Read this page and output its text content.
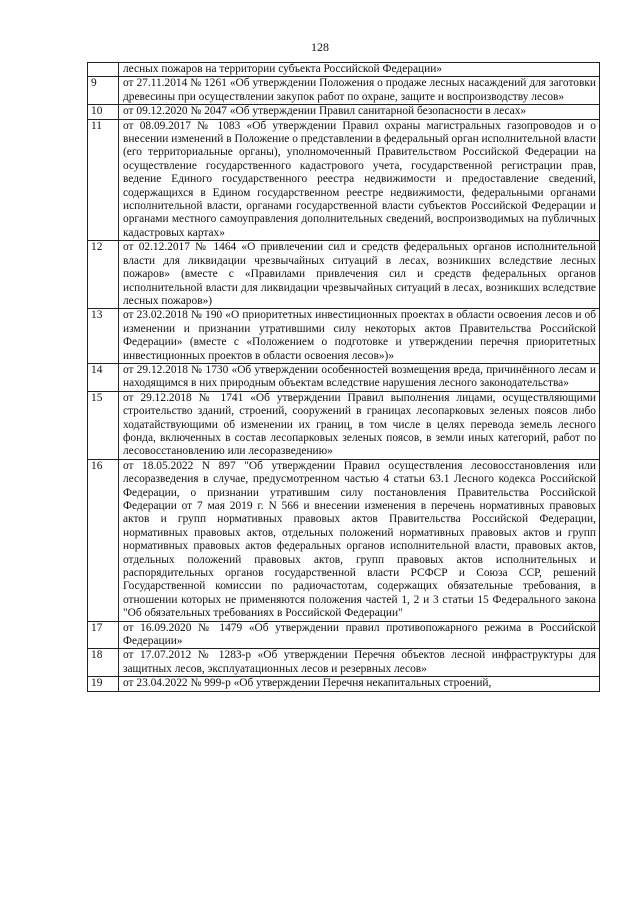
128
	лесных пожаров на территории субъекта Российской Федерации»
9	от 27.11.2014 № 1261 «Об утверждении Положения о продаже лесных насаждений для заготовки древесины при осуществлении закупок работ по охране, защите и воспроизводству лесов»
10	от 09.12.2020 № 2047 «Об утверждении Правил санитарной безопасности в лесах»
11	от 08.09.2017 № 1083 «Об утверждении Правил охраны магистральных газопроводов и о внесении изменений в Положение о представлении в федеральный орган исполнительной власти (его территориальные органы), уполномоченный Правительством Российской Федерации на осуществление государственного кадастрового учета, государственной регистрации прав, ведение Единого государственного реестра недвижимости и предоставление сведений, содержащихся в Едином государственном реестре недвижимости, федеральными органами исполнительной власти, органами государственной власти субъектов Российской Федерации и органами местного самоуправления дополнительных сведений, воспроизводимых на публичных кадастровых картах»
12	от 02.12.2017 № 1464 «О привлечении сил и средств федеральных органов исполнительной власти для ликвидации чрезвычайных ситуаций в лесах, возникших вследствие лесных пожаров» (вместе с «Правилами привлечения сил и средств федеральных органов исполнительной власти для ликвидации чрезвычайных ситуаций в лесах, возникших вследствие лесных пожаров»)
13	от 23.02.2018 № 190 «О приоритетных инвестиционных проектах в области освоения лесов и об изменении и признании утратившими силу некоторых актов Правительства Российской Федерации» (вместе с «Положением о подготовке и утверждении перечня приоритетных инвестиционных проектов в области освоения лесов»)»
14	от 29.12.2018 № 1730 «Об утверждении особенностей возмещения вреда, причинённого лесам и находящимся в них природным объектам вследствие нарушения лесного законодательства»
15	от 29.12.2018 № 1741 «Об утверждении Правил выполнения лицами, осуществляющими строительство зданий, строений, сооружений в границах лесопарковых зеленых поясов либо ходатайствующими об изменении их границ, в том числе в целях перевода земель лесного фонда, включенных в состав лесопарковых зеленых поясов, в земли иных категорий, работ по лесовосстановлению или лесоразведению»
16	от 18.05.2022 N 897 "Об утверждении Правил осуществления лесовосстановления или лесоразведения в случае, предусмотренном частью 4 статьи 63.1 Лесного кодекса Российской Федерации, о признании утратившим силу постановления Правительства Российской Федерации от 7 мая 2019 г. N 566 и внесении изменения в перечень нормативных правовых актов и групп нормативных правовых актов Правительства Российской Федерации, нормативных правовых актов, отдельных положений нормативных правовых актов и групп нормативных правовых актов федеральных органов исполнительной власти, правовых актов, отдельных положений правовых актов, групп правовых актов исполнительных и распорядительных органов государственной власти РСФСР и Союза ССР, решений Государственной комиссии по радиочастотам, содержащих обязательные требования, в отношении которых не применяются положения частей 1, 2 и 3 статьи 15 Федерального закона "Об обязательных требованиях в Российской Федерации"
17	от 16.09.2020 № 1479 «Об утверждении правил противопожарного режима в Российской Федерации»
18	от 17.07.2012 № 1283-р «Об утверждении Перечня объектов лесной инфраструктуры для защитных лесов, эксплуатационных лесов и резервных лесов»
19	от 23.04.2022 № 999-р «Об утверждении Перечня некапитальных строений,
